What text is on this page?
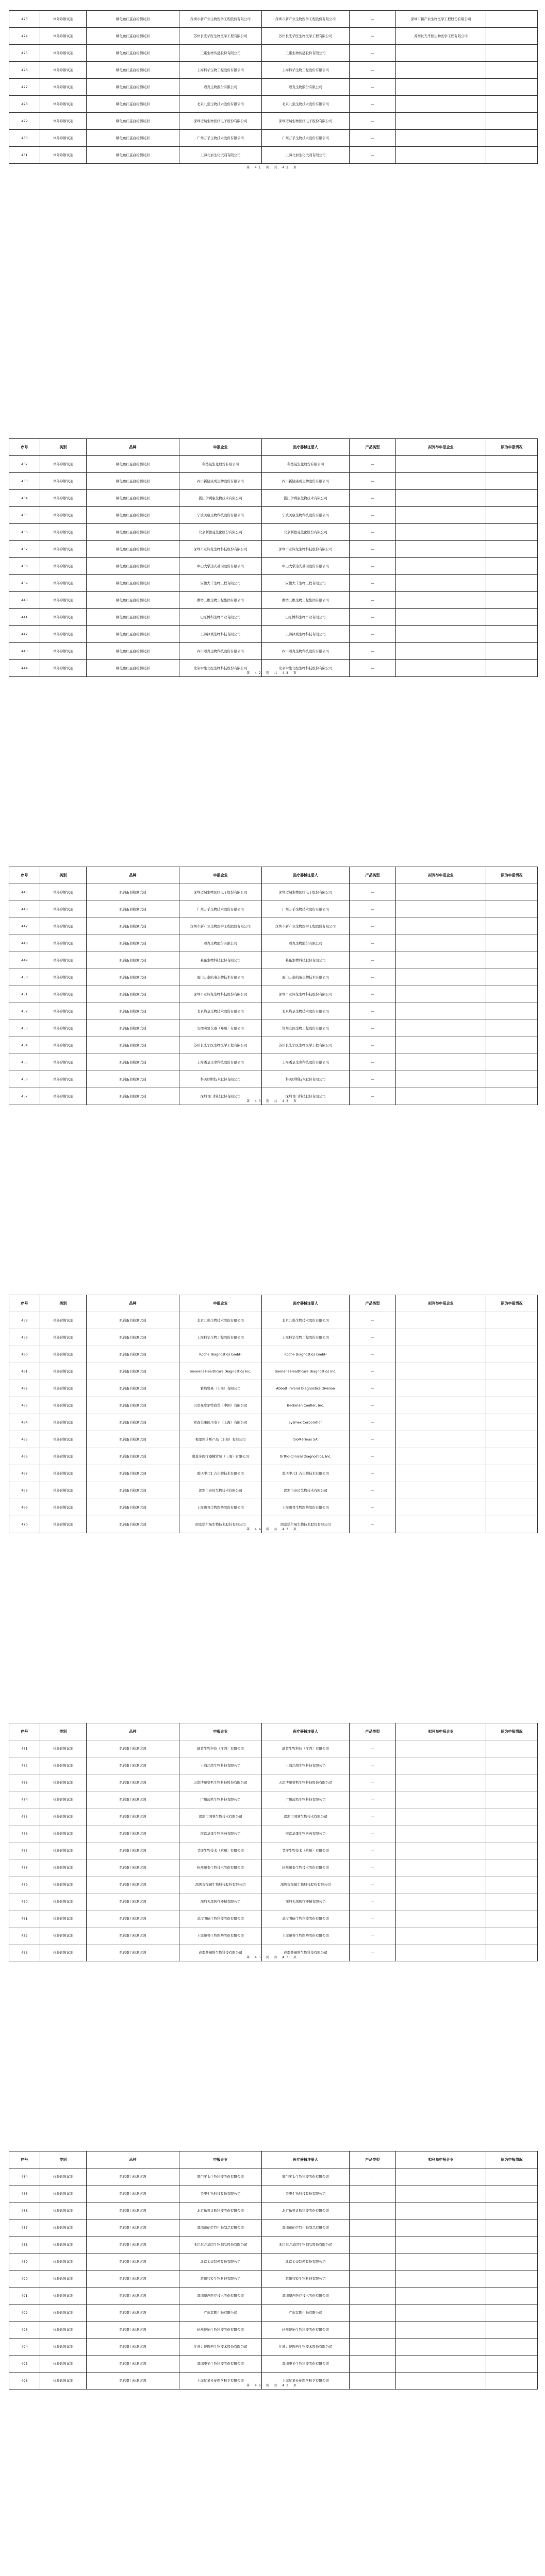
423	体外诊断试剂	糖化血红蛋白检测试剂	深圳市新产业生物医学工程股份有限公司	深圳市新产业生物医学工程股份有限公司	—	深圳市新产业生物医学工程股份有限公司	
424	体外诊断试剂	糖化血红蛋白检测试剂	苏州长光华医生物医学工程有限公司	苏州长光华医生物医学工程有限公司	—	苏州长光华医生物医学工程有限公司	
425	体外诊断试剂	糖化血红蛋白检测试剂	三诺生物传感股份有限公司	三诺生物传感股份有限公司	—		
426	体外诊断试剂	糖化血红蛋白检测试剂	上海科华生物工程股份有限公司	上海科华生物工程股份有限公司	—		
427	体外诊断试剂	糖化血红蛋白检测试剂	迈克生物股份有限公司	迈克生物股份有限公司	—		
428	体外诊断试剂	糖化血红蛋白检测试剂	北京九强生物技术股份有限公司	北京九强生物技术股份有限公司	—		
429	体外诊断试剂	糖化血红蛋白检测试剂	深圳迈瑞生物医疗电子股份有限公司	深圳迈瑞生物医疗电子股份有限公司	—		
430	体外诊断试剂	糖化血红蛋白检测试剂	广州万孚生物技术股份有限公司	广州万孚生物技术股份有限公司	—		
431	体外诊断试剂	糖化血红蛋白检测试剂	上海北加生化试剂有限公司	上海北加生化试剂有限公司	—		
第 41 页 共 43 页
序号	类别	品种	申报企业	医疗器械注册人	产品类型	拟列举申报企业	原为申报情况
432	体外诊断试剂	糖化血红蛋白检测试剂	利德曼生化股份有限公司	利德曼生化股份有限公司	—		
433	体外诊断试剂	糖化血红蛋白检测试剂	四川新健康成生物股份有限公司	四川新健康成生物股份有限公司	—		
434	体外诊断试剂	糖化血红蛋白检测试剂	浙江伊利康生物技术有限公司	浙江伊利康生物技术有限公司	—		
435	体外诊断试剂	糖化血红蛋白检测试剂	宁波美康生物科技股份有限公司	宁波美康生物科技股份有限公司	—		
436	体外诊断试剂	糖化血红蛋白检测试剂	北京利德曼生化股份有限公司	北京利德曼生化股份有限公司	—		
437	体外诊断试剂	糖化血红蛋白检测试剂	深圳市亚辉龙生物科技股份有限公司	深圳市亚辉龙生物科技股份有限公司	—		
438	体外诊断试剂	糖化血红蛋白检测试剂	中山大学达安基因股份有限公司	中山大学达安基因股份有限公司	—		
439	体外诊断试剂	糖化血红蛋白检测试剂	安徽大千生物工程有限公司	安徽大千生物工程有限公司	—		
440	体外诊断试剂	糖化血红蛋白检测试剂	潍坊三维生物工程集团有限公司	潍坊三维生物工程集团有限公司	—		
441	体外诊断试剂	糖化血红蛋白检测试剂	山东博科生物产业有限公司	山东博科生物产业有限公司	—		
442	体外诊断试剂	糖化血红蛋白检测试剂	上海执诚生物科技有限公司	上海执诚生物科技有限公司	—		
443	体外诊断试剂	糖化血红蛋白检测试剂	四川迈克生物科技股份有限公司	四川迈克生物科技股份有限公司	—		
444	体外诊断试剂	糖化血红蛋白检测试剂	北京中生北控生物科技股份有限公司	北京中生北控生物科技股份有限公司	—		
第 42 页 共 43 页
序号	类别	品种	申报企业	医疗器械注册人	产品类型	拟列举申报企业	原为申报情况
445	体外诊断试剂	肌钙蛋白检测试剂	深圳迈瑞生物医疗电子股份有限公司	深圳迈瑞生物医疗电子股份有限公司	—		
446	体外诊断试剂	肌钙蛋白检测试剂	广州万孚生物技术股份有限公司	广州万孚生物技术股份有限公司	—		
447	体外诊断试剂	肌钙蛋白检测试剂	深圳市新产业生物医学工程股份有限公司	深圳市新产业生物医学工程股份有限公司	—		
448	体外诊断试剂	肌钙蛋白检测试剂	迈克生物股份有限公司	迈克生物股份有限公司	—		
449	体外诊断试剂	肌钙蛋白检测试剂	基蛋生物科技股份有限公司	基蛋生物科技股份有限公司	—		
450	体外诊断试剂	肌钙蛋白检测试剂	厦门万泰凯瑞生物技术有限公司	厦门万泰凯瑞生物技术有限公司	—		
451	体外诊断试剂	肌钙蛋白检测试剂	深圳市亚辉龙生物科技股份有限公司	深圳市亚辉龙生物科技股份有限公司	—		
452	体外诊断试剂	肌钙蛋白检测试剂	北京热景生物技术股份有限公司	北京热景生物技术股份有限公司	—		
453	体外诊断试剂	肌钙蛋白检测试剂	安图实验仪器（郑州）有限公司	郑州安图生物工程股份有限公司	—		
454	体外诊断试剂	肌钙蛋白检测试剂	苏州长光华医生物医学工程有限公司	苏州长光华医生物医学工程有限公司	—		
455	体外诊断试剂	肌钙蛋白检测试剂	上海透景生命科技股份有限公司	上海透景生命科技股份有限公司	—		
456	体外诊断试剂	肌钙蛋白检测试剂	科美诊断技术股份有限公司	科美诊断技术股份有限公司	—		
457	体外诊断试剂	肌钙蛋白检测试剂	深圳普门科技股份有限公司	深圳普门科技股份有限公司	—		
第 43 页 共 43 页
序号	类别	品种	申报企业	医疗器械注册人	产品类型	拟列举申报企业	原为申报情况
458	体外诊断试剂	肌钙蛋白检测试剂	北京九强生物技术股份有限公司	北京九强生物技术股份有限公司	—		
459	体外诊断试剂	肌钙蛋白检测试剂	上海科华生物工程股份有限公司	上海科华生物工程股份有限公司	—		
460	体外诊断试剂	肌钙蛋白检测试剂	Roche Diagnostics GmbH	Roche Diagnostics GmbH	—		
461	体外诊断试剂	肌钙蛋白检测试剂	Siemens Healthcare Diagnostics Inc.	Siemens Healthcare Diagnostics Inc.	—		
462	体外诊断试剂	肌钙蛋白检测试剂	雅培贸易（上海）有限公司	Abbott Ireland Diagnostics Division	—		
463	体外诊断试剂	肌钙蛋白检测试剂	贝克曼库尔特商贸（中国）有限公司	Beckman Coulter, Inc.	—		
464	体外诊断试剂	肌钙蛋白检测试剂	希森美康医用电子（上海）有限公司	Sysmex Corporation	—		
465	体外诊断试剂	肌钙蛋白检测试剂	梅里埃诊断产品（上海）有限公司	bioMérieux SA	—		
466	体外诊断试剂	肌钙蛋白检测试剂	奥森多医疗器械贸易（上海）有限公司	Ortho-Clinical Diagnostics, Inc.	—		
467	体外诊断试剂	肌钙蛋白检测试剂	重庆中元汇吉生物技术有限公司	重庆中元汇吉生物技术有限公司	—		
468	体外诊断试剂	肌钙蛋白检测试剂	深圳市帝迈生物技术有限公司	深圳市帝迈生物技术有限公司	—		
469	体外诊断试剂	肌钙蛋白检测试剂	上海奥普生物医药股份有限公司	上海奥普生物医药股份有限公司	—		
470	体外诊断试剂	肌钙蛋白检测试剂	南京诺尔曼生物技术股份有限公司	南京诺尔曼生物技术股份有限公司	—		
第 44 页 共 43 页
序号	类别	品种	申报企业	医疗器械注册人	产品类型	拟列举申报企业	原为申报情况
471	体外诊断试剂	肌钙蛋白检测试剂	瑞莱生物科技（江西）有限公司	瑞莱生物科技（江西）有限公司	—		
472	体外诊断试剂	肌钙蛋白检测试剂	上海芯超生物科技有限公司	上海芯超生物科技有限公司	—		
473	体外诊断试剂	肌钙蛋白检测试剂	天津博奥赛斯生物科技股份有限公司	天津博奥赛斯生物科技股份有限公司	—		
474	体外诊断试剂	肌钙蛋白检测试剂	广州蓝勃生物科技有限公司	广州蓝勃生物科技有限公司	—		
475	体外诊断试剂	肌钙蛋白检测试剂	深圳市国赛生物技术有限公司	深圳市国赛生物技术有限公司	—		
476	体外诊断试剂	肌钙蛋白检测试剂	南京基蛋生物医药有限公司	南京基蛋生物医药有限公司	—		
477	体外诊断试剂	肌钙蛋白检测试剂	艾康生物技术（杭州）有限公司	艾康生物技术（杭州）有限公司	—		
478	体外诊断试剂	肌钙蛋白检测试剂	杭州奥泰生物技术股份有限公司	杭州奥泰生物技术股份有限公司	—		
479	体外诊断试剂	肌钙蛋白检测试剂	深圳市锦瑞生物科技股份有限公司	深圳市锦瑞生物科技股份有限公司	—		
480	体外诊断试剂	肌钙蛋白检测试剂	深圳天深医疗器械有限公司	深圳天深医疗器械有限公司	—		
481	体外诊断试剂	肌钙蛋白检测试剂	武汉明德生物科技股份有限公司	武汉明德生物科技股份有限公司	—		
482	体外诊断试剂	肌钙蛋白检测试剂	上海奥普生物医药股份有限公司	上海奥普生物医药股份有限公司	—		
483	体外诊断试剂	肌钙蛋白检测试剂	成都普瑞斯生物科技有限公司	成都普瑞斯生物科技有限公司	—		
第 45 页 共 43 页
序号	类别	品种	申报企业	医疗器械注册人	产品类型	拟列举申报企业	原为申报情况
484	体外诊断试剂	肌钙蛋白检测试剂	厦门宝太生物科技股份有限公司	厦门宝太生物科技股份有限公司	—		
485	体外诊断试剂	肌钙蛋白检测试剂	美康生物科技股份有限公司	美康生物科技股份有限公司	—		
486	体外诊断试剂	肌钙蛋白检测试剂	北京乐普诊断科技股份有限公司	北京乐普诊断科技股份有限公司	—		
487	体外诊断试剂	肌钙蛋白检测试剂	深圳市伯劳特生物制品有限公司	深圳市伯劳特生物制品有限公司	—		
488	体外诊断试剂	肌钙蛋白检测试剂	浙江东方基因生物制品股份有限公司	浙江东方基因生物制品股份有限公司	—		
489	体外诊断试剂	肌钙蛋白检测试剂	北京金豪制药股份有限公司	北京金豪制药股份有限公司	—		
490	体外诊断试剂	肌钙蛋白检测试剂	苏州和锐生物科技有限公司	苏州和锐生物科技有限公司	—		
491	体外诊断试剂	肌钙蛋白检测试剂	深圳华声医疗技术股份有限公司	深圳华声医疗技术股份有限公司	—		
492	体外诊断试剂	肌钙蛋白检测试剂	广东菲鹏生物有限公司	广东菲鹏生物有限公司	—		
493	体外诊断试剂	肌钙蛋白检测试剂	杭州博拓生物科技股份有限公司	杭州博拓生物科技股份有限公司	—		
494	体外诊断试剂	肌钙蛋白检测试剂	江苏力博医药生物技术股份有限公司	江苏力博医药生物技术股份有限公司	—		
495	体外诊断试剂	肌钙蛋白检测试剂	深圳康美生物科技股份有限公司	深圳康美生物科技股份有限公司	—		
496	体外诊断试剂	肌钙蛋白检测试剂	上海复星长征医学科学有限公司	上海复星长征医学科学有限公司	—		
第 46 页 共 43 页
